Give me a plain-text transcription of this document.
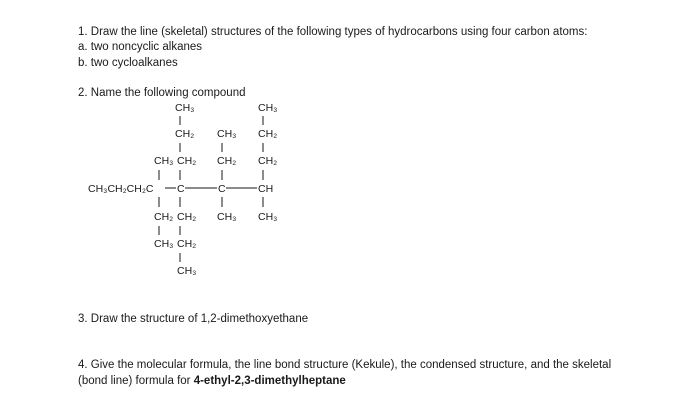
1. Draw the line (skeletal) structures of the following types of hydrocarbons using four carbon atoms:
a. two noncyclic alkanes
b. two cycloalkanes
2. Name the following compound
CH₃	CH₃
CH₂ CH₃ CH₂
CH₃ CH₂ CH₂ CH₂
CH₃CH₂CH₂C C	C	CH
CH₂ CH₂ CH₃ CH₃
CH₃ CH₂
CH₃
3. Draw the structure of 1,2-dimethoxyethane
4. Give the molecular formula, the line bond structure (Kekule), the condensed structure, and the skeletal (bond line) formula for 4-ethyl-2,3-dimethylheptane
